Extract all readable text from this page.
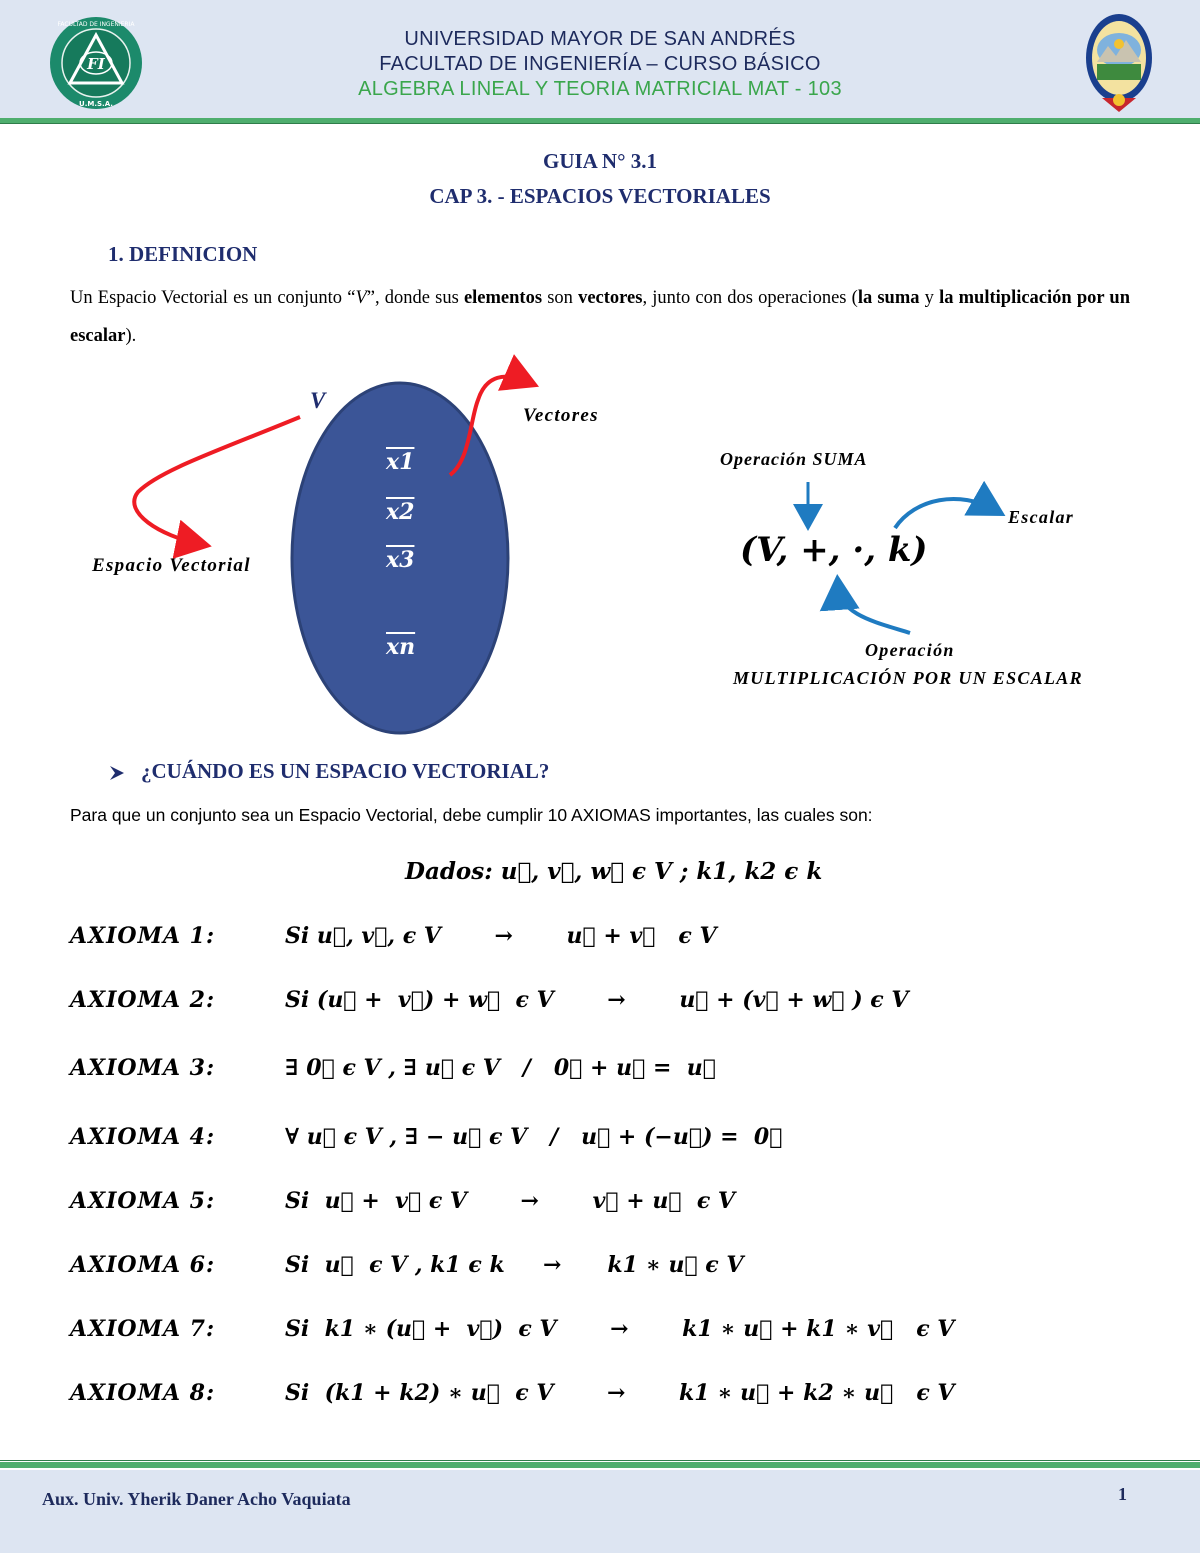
FI
FACULTAD DE INGENIERIA
U.M.S.A.
UNIVERSIDAD MAYOR DE SAN ANDRÉS
FACULTAD DE INGENIERÍA – CURSO BÁSICO
ALGEBRA LINEAL Y TEORIA MATRICIAL MAT - 103
GUIA N° 3.1
CAP 3. - ESPACIOS VECTORIALES
1. DEFINICION
Un Espacio Vectorial es un conjunto “V”, donde sus elementos son vectores, junto con dos operaciones (la suma y la multiplicación por un escalar).
V
Vectores
Espacio Vectorial
x1
x2
x3
$\overline{xn}$
Operación SUMA
(V, +, ·, k)
Escalar
Operación
MULTIPLICACIÓN POR UN ESCALAR
¿CUÁNDO ES UN ESPACIO VECTORIAL?
Para que un conjunto sea un Espacio Vectorial, debe cumplir 10 AXIOMAS importantes, las cuales son:
Dados: u⃗, v⃗, w⃗ ϵ V ; k1, k2 ϵ k
AXIOMA 1:	Si u⃗, v⃗, ϵ V       →       u⃗ + v⃗   ϵ V
AXIOMA 2:	Si (u⃗ +  v⃗) + w⃗  ϵ V       →       u⃗ + (v⃗ + w⃗ ) ϵ V
AXIOMA 3:	∃ 0⃗ ϵ V , ∃ u⃗ ϵ V   /   0⃗ + u⃗ =  u⃗
AXIOMA 4:	∀ u⃗ ϵ V , ∃ − u⃗ ϵ V   /   u⃗ + (−u⃗) =  0⃗
AXIOMA 5:	Si  u⃗ +  v⃗ ϵ V       →       v⃗ + u⃗  ϵ V
AXIOMA 6:	Si  u⃗  ϵ V , k1 ϵ k     →      k1 ∗ u⃗ ϵ V
AXIOMA 7:	Si  k1 ∗ (u⃗ +  v⃗)  ϵ V       →       k1 ∗ u⃗ + k1 ∗ v⃗   ϵ V
AXIOMA 8:	Si  (k1 + k2) ∗ u⃗  ϵ V       →       k1 ∗ u⃗ + k2 ∗ u⃗   ϵ V
Aux. Univ. Yherik Daner Acho Vaquiata	1
